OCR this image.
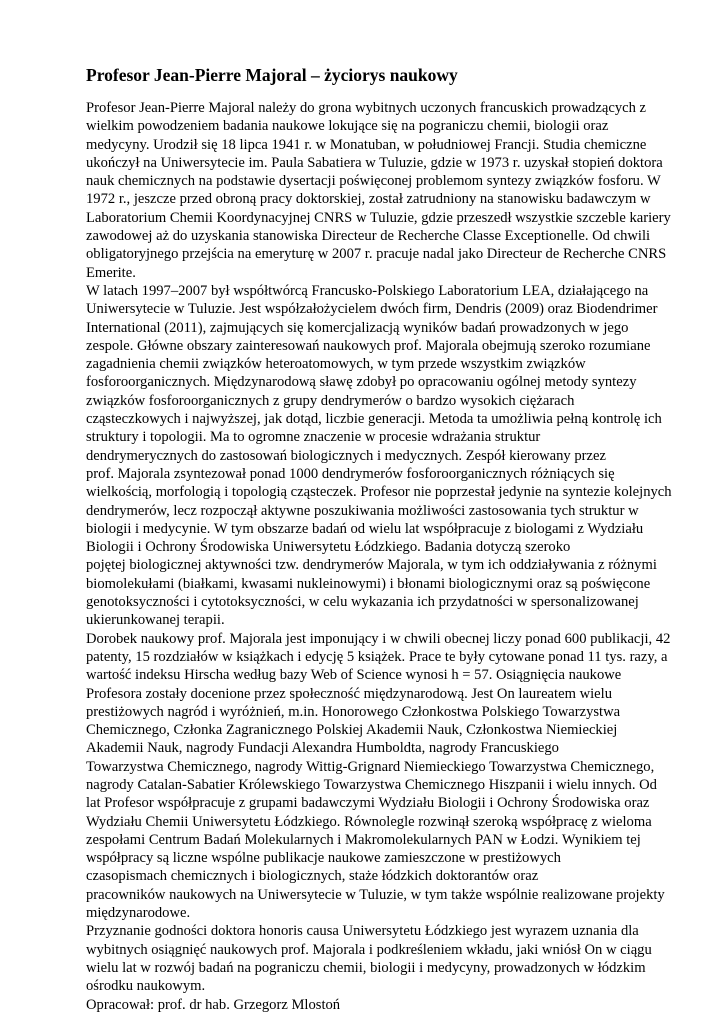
Profesor Jean-Pierre Majoral – życiorys naukowy

Profesor Jean-Pierre Majoral należy do grona wybitnych uczonych francuskich prowadzących z
wielkim powodzeniem badania naukowe lokujące się na pograniczu chemii, biologii oraz
medycyny. Urodził się 18 lipca 1941 r. w Monatuban, w południowej Francji. Studia chemiczne
ukończył na Uniwersytecie im. Paula Sabatiera w Tuluzie, gdzie w 1973 r. uzyskał stopień doktora
nauk chemicznych na podstawie dysertacji poświęconej problemom syntezy związków fosforu. W
1972 r., jeszcze przed obroną pracy doktorskiej, został zatrudniony na stanowisku badawczym w
Laboratorium Chemii Koordynacyjnej CNRS w Tuluzie, gdzie przeszedł wszystkie szczeble kariery
zawodowej aż do uzyskania stanowiska Directeur de Recherche Classe Exceptionelle. Od chwili
obligatoryjnego przejścia na emeryturę w 2007 r. pracuje nadal jako Directeur de Recherche CNRS
Emerite.

W latach 1997–2007 był współtwórcą Francusko-Polskiego Laboratorium LEA, działającego na
Uniwersytecie w Tuluzie. Jest współzałożycielem dwóch firm, Dendris (2009) oraz Biodendrimer
International (2011), zajmujących się komercjalizacją wyników badań prowadzonych w jego
zespole. Główne obszary zainteresowań naukowych prof. Majorala obejmują szeroko rozumiane
zagadnienia chemii związków heteroatomowych, w tym przede wszystkim związków
fosforoorganicznych. Międzynarodową sławę zdobył po opracowaniu ogólnej metody syntezy
związków fosforoorganicznych z grupy dendrymerów o bardzo wysokich ciężarach
cząsteczkowych i najwyższej, jak dotąd, liczbie generacji. Metoda ta umożliwia pełną kontrolę ich
struktury i topologii. Ma to ogromne znaczenie w procesie wdrażania struktur
dendrymerycznych do zastosowań biologicznych i medycznych. Zespół kierowany przez
prof. Majorala zsyntezował ponad 1000 dendrymerów fosforoorganicznych różniących się
wielkością, morfologią i topologią cząsteczek. Profesor nie poprzestał jedynie na syntezie kolejnych
dendrymerów, lecz rozpoczął aktywne poszukiwania możliwości zastosowania tych struktur w
biologii i medycynie. W tym obszarze badań od wielu lat współpracuje z biologami z Wydziału
Biologii i Ochrony Środowiska Uniwersytetu Łódzkiego. Badania dotyczą szeroko
pojętej biologicznej aktywności tzw. dendrymerów Majorala, w tym ich oddziaływania z różnymi
biomolekułami (białkami, kwasami nukleinowymi) i błonami biologicznymi oraz są poświęcone
genotoksyczności i cytotoksyczności, w celu wykazania ich przydatności w spersonalizowanej
ukierunkowanej terapii.

Dorobek naukowy prof. Majorala jest imponujący i w chwili obecnej liczy ponad 600 publikacji, 42
patenty, 15 rozdziałów w książkach i edycję 5 książek. Prace te były cytowane ponad 11 tys. razy, a
wartość indeksu Hirscha według bazy Web of Science wynosi h = 57. Osiągnięcia naukowe
Profesora zostały docenione przez społeczność międzynarodową. Jest On laureatem wielu
prestiżowych nagród i wyróżnień, m.in. Honorowego Członkostwa Polskiego Towarzystwa
Chemicznego, Członka Zagranicznego Polskiej Akademii Nauk, Członkostwa Niemieckiej
Akademii Nauk, nagrody Fundacji Alexandra Humboldta, nagrody Francuskiego
Towarzystwa Chemicznego, nagrody Wittig-Grignard Niemieckiego Towarzystwa Chemicznego,
nagrody Catalan-Sabatier Królewskiego Towarzystwa Chemicznego Hiszpanii i wielu innych. Od
lat Profesor współpracuje z grupami badawczymi Wydziału Biologii i Ochrony Środowiska oraz
Wydziału Chemii Uniwersytetu Łódzkiego. Równolegle rozwinął szeroką współpracę z wieloma
zespołami Centrum Badań Molekularnych i Makromolekularnych PAN w Łodzi. Wynikiem tej
współpracy są liczne wspólne publikacje naukowe zamieszczone w prestiżowych
czasopismach chemicznych i biologicznych, staże łódzkich doktorantów oraz
pracowników naukowych na Uniwersytecie w Tuluzie, w tym także wspólnie realizowane projekty
międzynarodowe.

Przyznanie godności doktora honoris causa Uniwersytetu Łódzkiego jest wyrazem uznania dla
wybitnych osiągnięć naukowych prof. Majorala i podkreśleniem wkładu, jaki wniósł On w ciągu
wielu lat w rozwój badań na pograniczu chemii, biologii i medycyny, prowadzonych w łódzkim
ośrodku naukowym.

Opracował: prof. dr hab. Grzegorz Mlostoń
